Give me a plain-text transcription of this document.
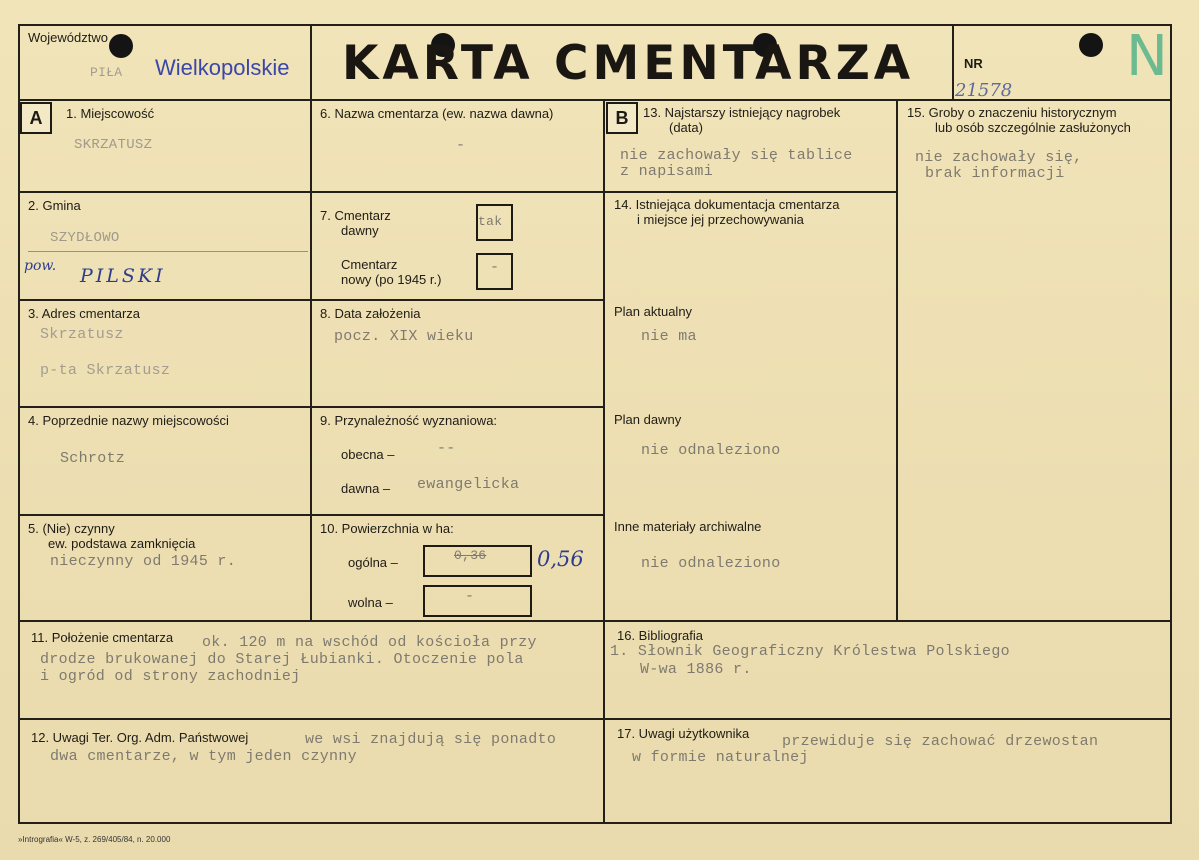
Województwo
PIŁA Wielkopolskie KARTA CMENTARZA	NR
21578
N
A	B
1. Miejscowość
SKRZATUSZ
2. Gmina
SZYDŁOWO
pow. PILSKI
3. Adres cmentarza
Skrzatusz
p-ta Skrzatusz
4. Poprzednie nazwy miejscowości
Schrotz
5. (Nie) czynny
ew. podstawa zamknięcia
nieczynny od 1945 r.
6. Nazwa cmentarza (ew. nazwa dawna)
-
7. Cmentarz
dawny
tak
Cmentarz
nowy (po 1945 r.)
-
8. Data założenia
pocz. XIX wieku
9. Przynależność wyznaniowa:
obecna –	--
dawna – ewangelicka
10. Powierzchnia w ha:
ogólna –	0,36 0,56
wolna –	-
13. Najstarszy istniejący nagrobek
(data)
nie zachowały się tablice
z napisami
14. Istniejąca dokumentacja cmentarza
i miejsce jej przechowywania
Plan aktualny
nie ma
Plan dawny
nie odnaleziono
Inne materiały archiwalne
nie odnaleziono
15. Groby o znaczeniu historycznym
lub osób szczególnie zasłużonych
nie zachowały się,
brak informacji
11. Położenie cmentarza ok. 120 m na wschód od kościoła przy
drodze brukowanej do Starej Łubianki. Otoczenie pola
i ogród od strony zachodniej
16. Bibliografia
1. Słownik Geograficzny Królestwa Polskiego
W-wa 1886 r.
12. Uwagi Ter. Org. Adm. Państwowej	we wsi znajdują się ponadto
dwa cmentarze, w tym jeden czynny
17. Uwagi użytkownika przewiduje się zachować drzewostan
w formie naturalnej
»Intrografia« W-5, z. 269/405/84, n. 20.000
